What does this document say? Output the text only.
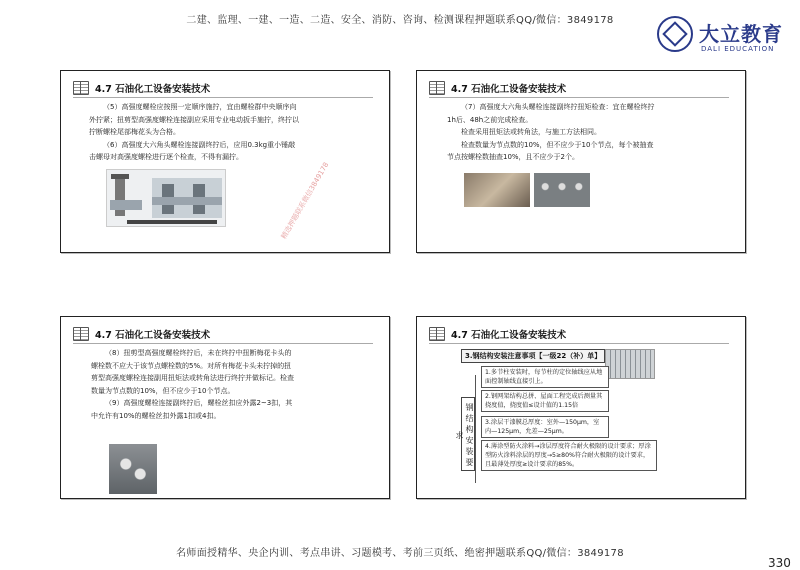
二建、监理、一建、一造、二造、安全、消防、咨询、检测课程押题联系QQ/微信：3849178
大立教育
DALI EDUCATION
4.7 石油化工设备安装技术

（5）高强度螺栓应按照一定顺序施拧，宜由螺栓群中央顺序向外拧紧；扭剪型高强度螺栓连接副应采用专业电动扳手施拧，终拧以拧断螺栓尾部梅花头为合格。

（6）高强度大六角头螺栓连接副终拧后，应用0.3kg重小锤敲击螺母对高强度螺栓进行逐个检查，不得有漏拧。

精选押题联系微信3849178
4.7 石油化工设备安装技术

（7）高强度大六角头螺栓连接副终拧扭矩检查：宜在螺栓终拧1h后、48h之前完成检查。

检查采用扭矩法或转角法，与施工方法相同。

检查数量为节点数的10%，但不应少于10个节点，每个被抽查节点按螺栓数抽查10%，且不应少于2个。

4.7 石油化工设备安装技术

（8）扭剪型高强度螺栓终拧后，未在终拧中扭断梅花卡头的螺栓数不应大于该节点螺栓数的5%。对所有梅花卡头未拧掉的扭剪型高强度螺栓连接副用扭矩法或转角法进行终拧并做标记。检查数量为节点数的10%，但不应少于10个节点。

（9）高强度螺栓连接副终拧后，螺栓丝扣应外露2~3扣，其中允许有10%的螺栓丝扣外露1扣或4扣。

4.7 石油化工设备安装技术
3.钢结构安装注意事项【一级22（补）单】
钢结构安装要求
1.多节柱安装时，每节柱的定位轴线应从地面控制轴线直接引上。
2.钢网架结构总拼、屋面工程完成后测量其挠度值，挠度值≤设计值的1.15倍
3.涂层干漆膜总厚度：室外—150μm，室内—125μm，允差—25μm。
4.薄涂型防火涂料→涂层厚度符合耐火极限的设计要求；厚涂型防火涂料涂层的厚度→5≥80%符合耐火极限的设计要求，且最薄处厚度≥设计要求的85%。
名师面授精华、央企内训、考点串讲、习题模考、考前三页纸、绝密押题联系QQ/微信：3849178
330
